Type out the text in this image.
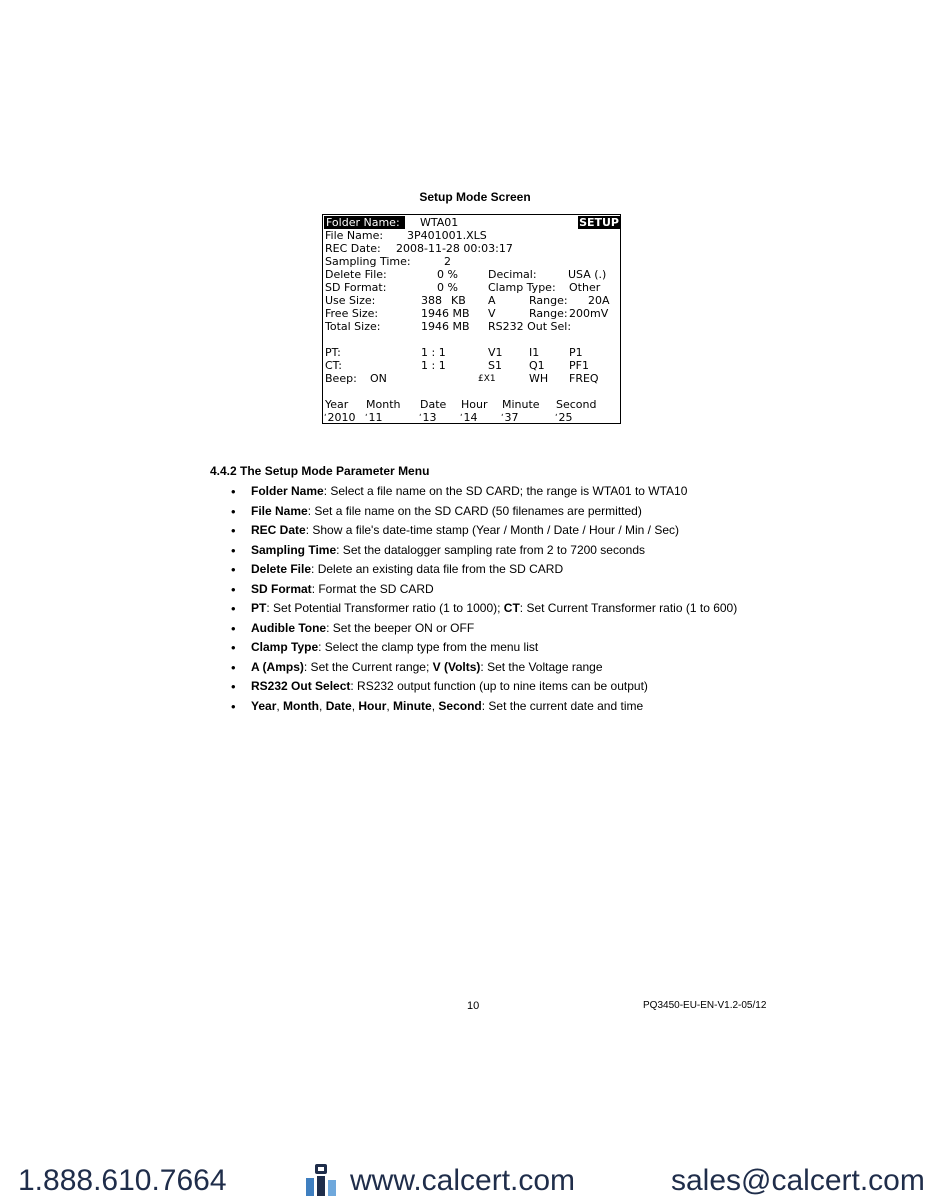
Setup Mode Screen
Folder Name:	WTA01	SETUP
File Name: 3P401001.XLS
REC Date: 2008-11-28 00:03:17
Sampling Time:	2
Delete File:	0 %	Decimal:	USA (.)
SD Format:	0 %	Clamp Type: Other
Use Size:	388 KB A	Range: 20A
Free Size:	1946 MB V	Range: 200mV
Total Size:	1946 MB RS232 Out Sel:
PT:	1 : 1	V1 I1	P1
CT:	1 : 1	S1 Q1 PF1
Beep: ON	£X1	WH FREQ
Year Month Date Hour Minute Second
ʹ2010 ʹ11	ʹ13	ʹ14	ʹ37	ʹ25
4.4.2 The Setup Mode Parameter Menu
• Folder Name: Select a file name on the SD CARD; the range is WTA01 to WTA10
• File Name: Set a file name on the SD CARD (50 filenames are permitted)
• REC Date: Show a file's date-time stamp (Year / Month / Date / Hour / Min / Sec)
• Sampling Time: Set the datalogger sampling rate from 2 to 7200 seconds
• Delete File: Delete an existing data file from the SD CARD
• SD Format: Format the SD CARD
• PT: Set Potential Transformer ratio (1 to 1000); CT: Set Current Transformer ratio (1 to 600)
• Audible Tone: Set the beeper ON or OFF
• Clamp Type: Select the clamp type from the menu list
• A (Amps): Set the Current range; V (Volts): Set the Voltage range
• RS232 Out Select: RS232 output function (up to nine items can be output)
• Year, Month, Date, Hour, Minute, Second: Set the current date and time
10	PQ3450-EU-EN-V1.2-05/12
1.888.610.7664	www.calcert.com	sales@calcert.com
